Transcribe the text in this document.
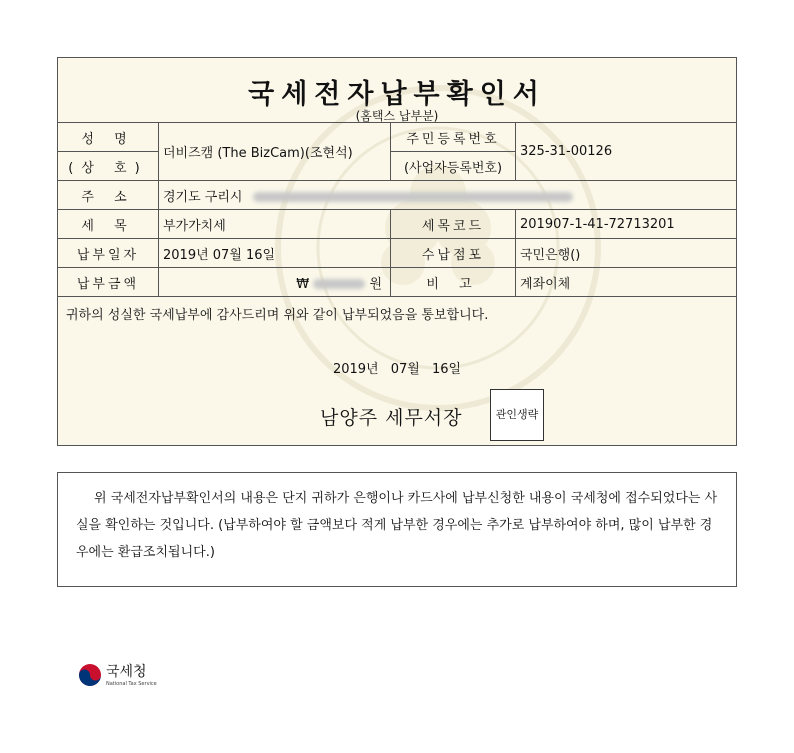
국세전자납부확인서
(홈택스 납부분)
성 명	더비즈캠 (The BizCam)(조현석)	주민등록번호	325-31-00126

(상 호)		(사업자등록번호)	
주 소	경기도 구리시		
세 목	부가가치세	세목코드	201907-1-41-72713201
납부일자	2019년 07월 16일	수납점포	국민은행()
납부금액	₩ 원	비 고	계좌이체
귀하의 성실한 국세납부에 감사드리며 위와 같이 납부되었음을 통보합니다.
2019년 07월 16일
남양주 세무서장	관인생략

위 국세전자납부확인서의 내용은 단지 귀하가 은행이나 카드사에 납부신청한 내용이 국세청에 접수되었다는 사실을 확인하는 것입니다. (납부하여야 할 금액보다 적게 납부한 경우에는 추가로 납부하여야 하며, 많이 납부한 경우에는 환급조치됩니다.)

국세청
National Tax Service
